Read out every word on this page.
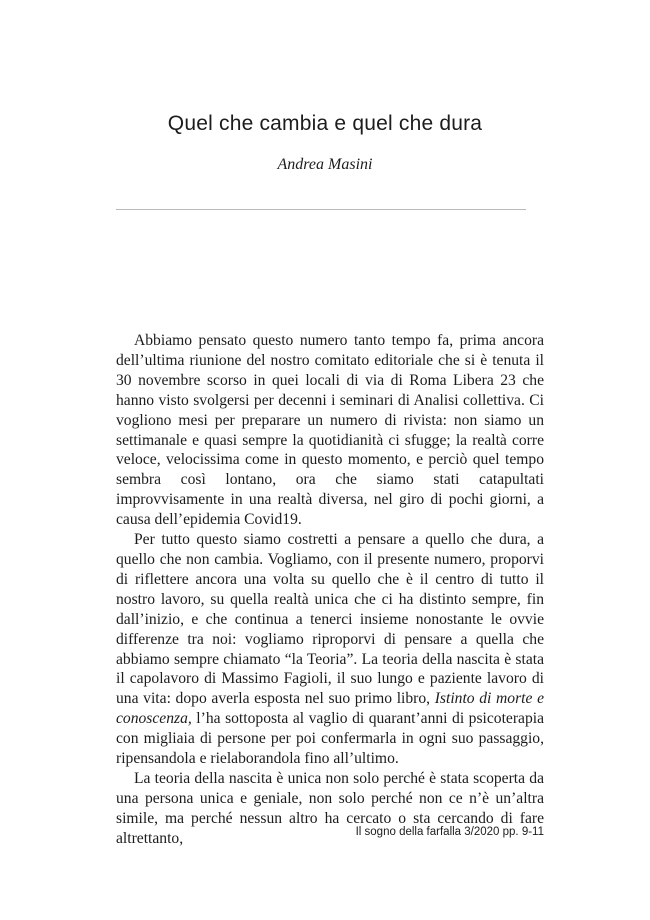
Quel che cambia e quel che dura

Andrea Masini

Abbiamo pensato questo numero tanto tempo fa, prima ancora dell’ultima riunione del nostro comitato editoriale che si è tenuta il 30 novembre scorso in quei locali di via di Roma Libera 23 che hanno visto svolgersi per decenni i seminari di Analisi collettiva. Ci vogliono mesi per preparare un numero di rivista: non siamo un settimanale e quasi sempre la quotidianità ci sfugge; la realtà corre veloce, velocissima come in questo momento, e perciò quel tempo sembra così lontano, ora che siamo stati catapultati improvvisamente in una realtà diversa, nel giro di pochi giorni, a causa dell’epidemia Covid19.

Per tutto questo siamo costretti a pensare a quello che dura, a quello che non cambia. Vogliamo, con il presente numero, proporvi di riflettere ancora una volta su quello che è il centro di tutto il nostro lavoro, su quella realtà unica che ci ha distinto sempre, fin dall’inizio, e che continua a tenerci insieme nonostante le ovvie differenze tra noi: vogliamo riproporvi di pensare a quella che abbiamo sempre chiamato “la Teoria”. La teoria della nascita è stata il capolavoro di Massimo Fagioli, il suo lungo e paziente lavoro di una vita: dopo averla esposta nel suo primo libro, Istinto di morte e conoscenza, l’ha sottoposta al vaglio di quarant’anni di psicoterapia con migliaia di persone per poi confermarla in ogni suo passaggio, ripensandola e rielaborandola fino all’ultimo.

La teoria della nascita è unica non solo perché è stata scoperta da una persona unica e geniale, non solo perché non ce n’è un’altra simile, ma perché nessun altro ha cercato o sta cercando di fare altrettanto,	Il sogno della farfalla 3/2020 pp. 9-11
